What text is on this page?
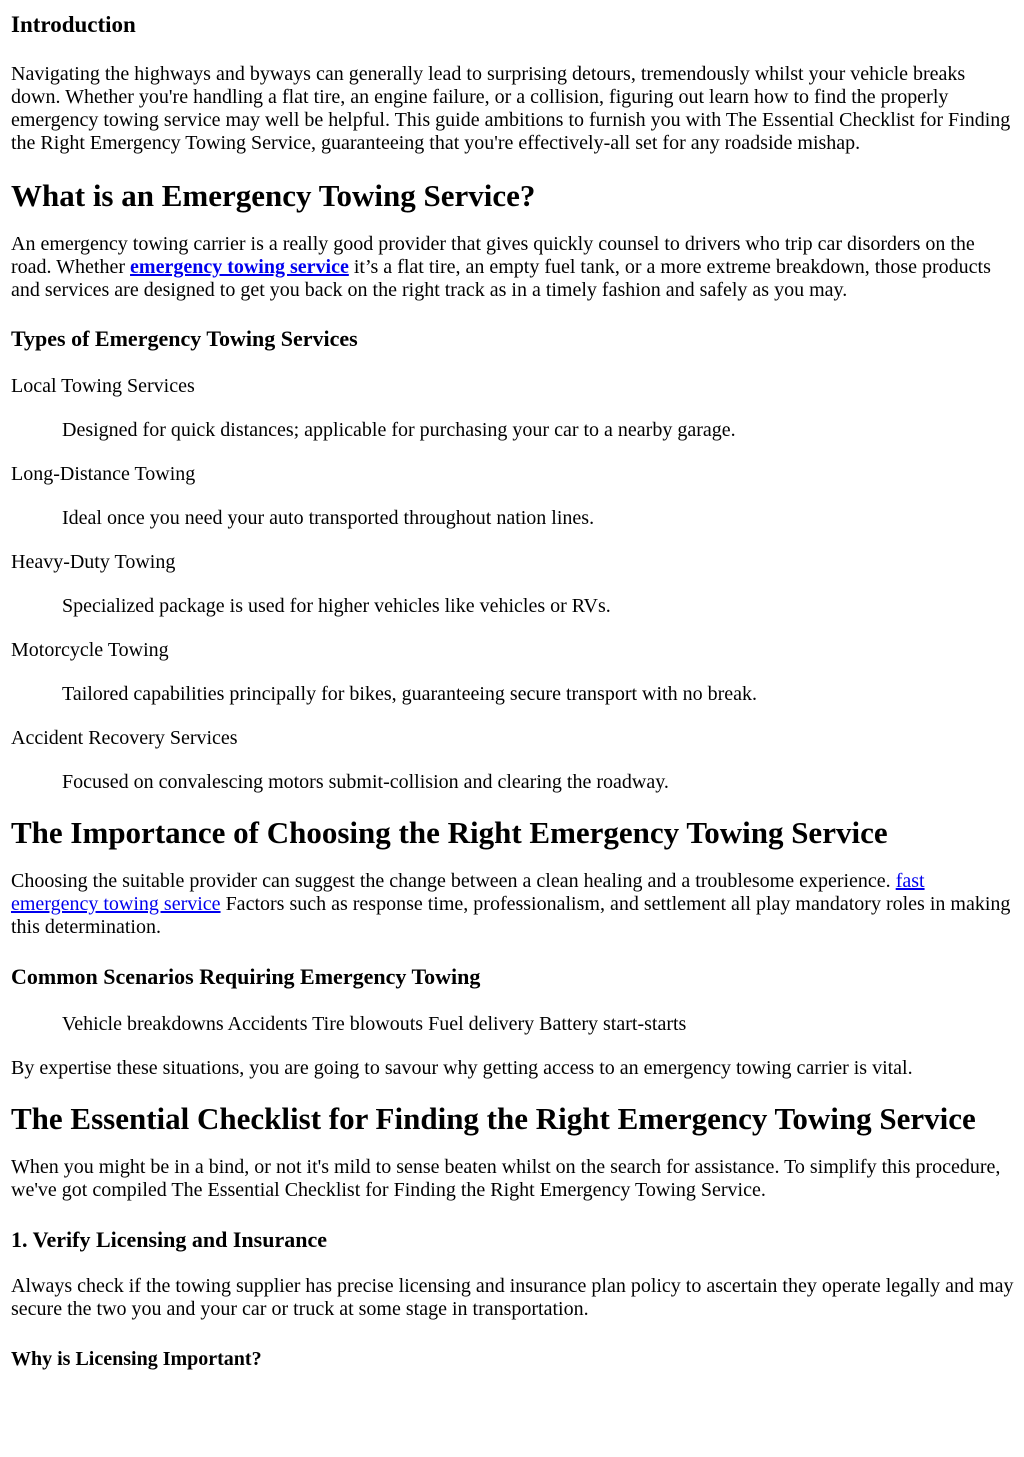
Introduction

Navigating the highways and byways can generally lead to surprising detours, tremendously whilst your vehicle breaks down. Whether you're handling a flat tire, an engine failure, or a collision, figuring out learn how to find the properly emergency towing service may well be helpful. This guide ambitions to furnish you with The Essential Checklist for Finding the Right Emergency Towing Service, guaranteeing that you're effectively-all set for any roadside mishap.

What is an Emergency Towing Service?

An emergency towing carrier is a really good provider that gives quickly counsel to drivers who trip car disorders on the road. Whether emergency towing service it’s a flat tire, an empty fuel tank, or a more extreme breakdown, those products and services are designed to get you back on the right track as in a timely fashion and safely as you may.

Types of Emergency Towing Services

Local Towing Services

Designed for quick distances; applicable for purchasing your car to a nearby garage.

Long-Distance Towing

Ideal once you need your auto transported throughout nation lines.

Heavy-Duty Towing

Specialized package is used for higher vehicles like vehicles or RVs.

Motorcycle Towing

Tailored capabilities principally for bikes, guaranteeing secure transport with no break.

Accident Recovery Services

Focused on convalescing motors submit-collision and clearing the roadway.

The Importance of Choosing the Right Emergency Towing Service

Choosing the suitable provider can suggest the change between a clean healing and a troublesome experience. fast emergency towing service Factors such as response time, professionalism, and settlement all play mandatory roles in making this determination.

Common Scenarios Requiring Emergency Towing

Vehicle breakdowns Accidents Tire blowouts Fuel delivery Battery start-starts

By expertise these situations, you are going to savour why getting access to an emergency towing carrier is vital.

The Essential Checklist for Finding the Right Emergency Towing Service

When you might be in a bind, or not it's mild to sense beaten whilst on the search for assistance. To simplify this procedure, we've got compiled The Essential Checklist for Finding the Right Emergency Towing Service.

1. Verify Licensing and Insurance

Always check if the towing supplier has precise licensing and insurance plan policy to ascertain they operate legally and may secure the two you and your car or truck at some stage in transportation.

Why is Licensing Important?
